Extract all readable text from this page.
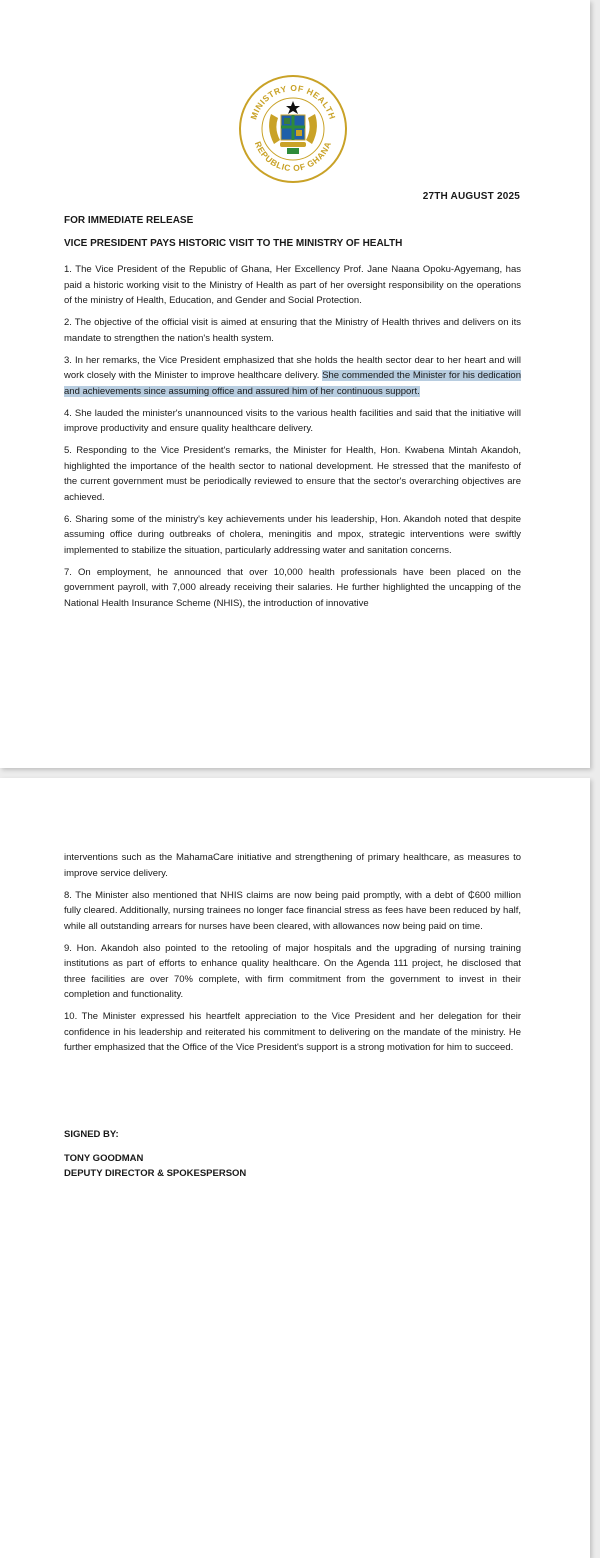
MINISTRY OF HEALTH
REPUBLIC OF GHANA
27TH AUGUST 2025
FOR IMMEDIATE RELEASE
VICE PRESIDENT PAYS HISTORIC VISIT TO THE MINISTRY OF HEALTH

1. The Vice President of the Republic of Ghana, Her Excellency Prof. Jane Naana Opoku-Agyemang, has paid a historic working visit to the Ministry of Health as part of her oversight responsibility on the operations of the ministry of Health, Education, and Gender and Social Protection.

2. The objective of the official visit is aimed at ensuring that the Ministry of Health thrives and delivers on its mandate to strengthen the nation's health system.

3. In her remarks, the Vice President emphasized that she holds the health sector dear to her heart and will work closely with the Minister to improve healthcare delivery. She commended the Minister for his dedication and achievements since assuming office and assured him of her continuous support.

4. She lauded the minister's unannounced visits to the various health facilities and said that the initiative will improve productivity and ensure quality healthcare delivery.

5. Responding to the Vice President's remarks, the Minister for Health, Hon. Kwabena Mintah Akandoh, highlighted the importance of the health sector to national development. He stressed that the manifesto of the current government must be periodically reviewed to ensure that the sector's overarching objectives are achieved.

6. Sharing some of the ministry's key achievements under his leadership, Hon. Akandoh noted that despite assuming office during outbreaks of cholera, meningitis and mpox, strategic interventions were swiftly implemented to stabilize the situation, particularly addressing water and sanitation concerns.

7. On employment, he announced that over 10,000 health professionals have been placed on the government payroll, with 7,000 already receiving their salaries. He further highlighted the uncapping of the National Health Insurance Scheme (NHIS), the introduction of innovative

interventions such as the MahamaCare initiative and strengthening of primary healthcare, as measures to improve service delivery.

8. The Minister also mentioned that NHIS claims are now being paid promptly, with a debt of ₵600 million fully cleared. Additionally, nursing trainees no longer face financial stress as fees have been reduced by half, while all outstanding arrears for nurses have been cleared, with allowances now being paid on time.

9. Hon. Akandoh also pointed to the retooling of major hospitals and the upgrading of nursing training institutions as part of efforts to enhance quality healthcare. On the Agenda 111 project, he disclosed that three facilities are over 70% complete, with firm commitment from the government to invest in their completion and functionality.

10. The Minister expressed his heartfelt appreciation to the Vice President and her delegation for their confidence in his leadership and reiterated his commitment to delivering on the mandate of the ministry. He further emphasized that the Office of the Vice President's support is a strong motivation for him to succeed.

SIGNED BY:
TONY GOODMAN
DEPUTY DIRECTOR & SPOKESPERSON
